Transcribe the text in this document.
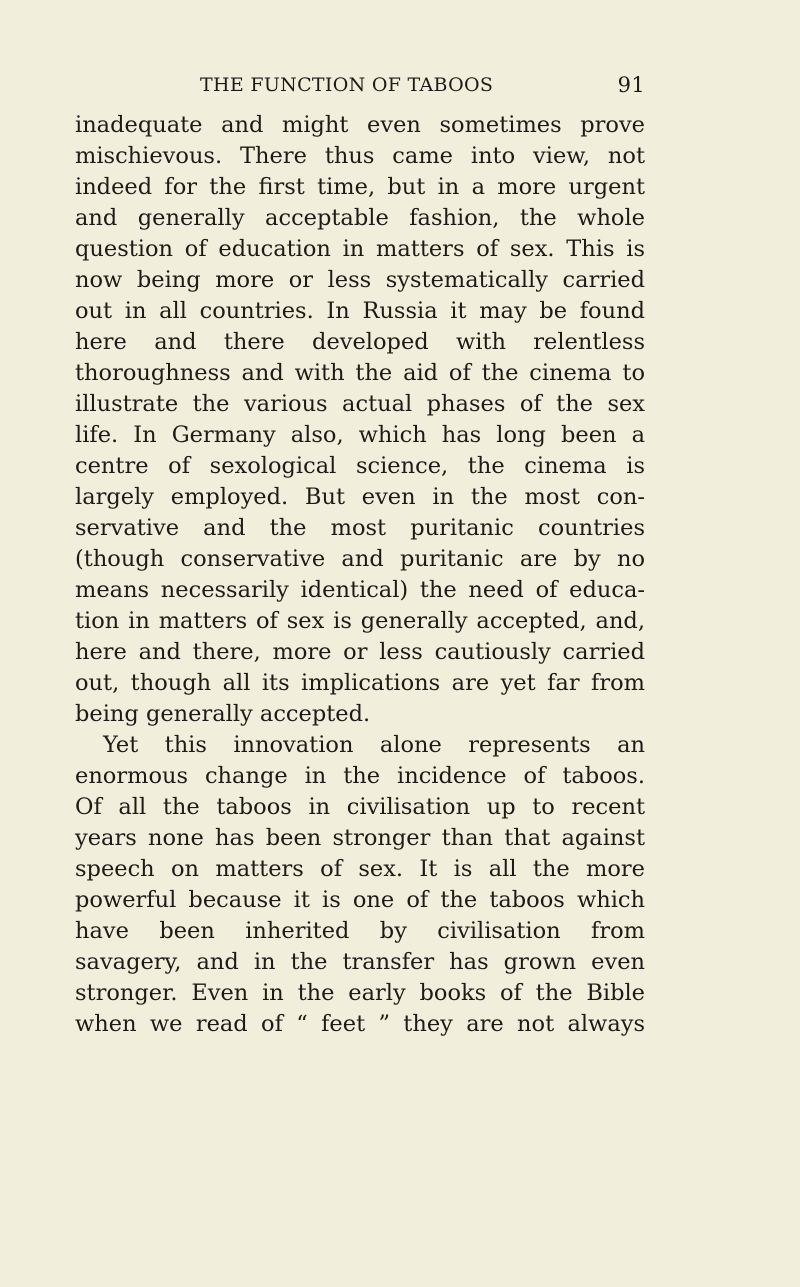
THE FUNCTION OF TABOOS	91
inadequate and might even sometimes prove
mischievous. There thus came into view, not
indeed for the first time, but in a more urgent
and generally acceptable fashion, the whole
question of education in matters of sex. This is
now being more or less systematically carried
out in all countries. In Russia it may be found
here and there developed with relentless
thoroughness and with the aid of the cinema to
illustrate the various actual phases of the sex
life. In Germany also, which has long been a
centre of sexological science, the cinema is
largely employed. But even in the most con-
servative and the most puritanic countries
(though conservative and puritanic are by no
means necessarily identical) the need of educa-
tion in matters of sex is generally accepted, and,
here and there, more or less cautiously carried
out, though all its implications are yet far from
being generally accepted.
Yet this innovation alone represents an
enormous change in the incidence of taboos.
Of all the taboos in civilisation up to recent
years none has been stronger than that against
speech on matters of sex. It is all the more
powerful because it is one of the taboos which
have been inherited by civilisation from
savagery, and in the transfer has grown even
stronger. Even in the early books of the Bible
when we read of “ feet ” they are not always
